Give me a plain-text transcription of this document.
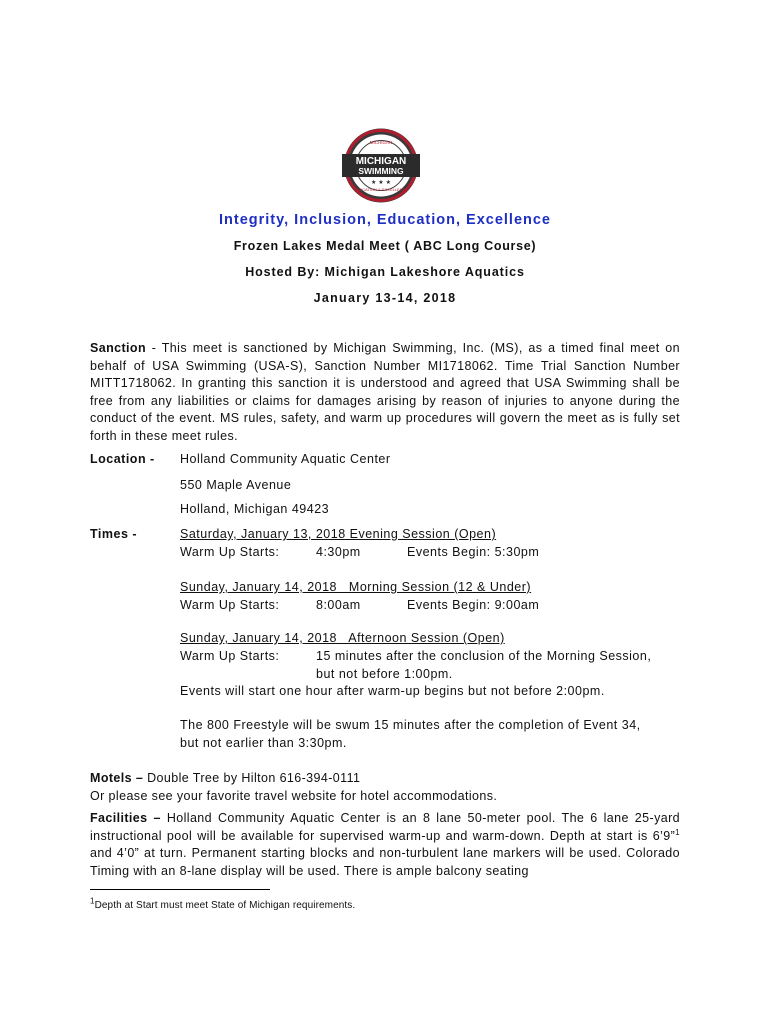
MICHIGAN
SWIMMING
MICHIGAN
EDUCATION & EXCELLENCE
★ ★ ★
Integrity, Inclusion, Education, Excellence
Frozen Lakes Medal Meet ( ABC Long Course)
Hosted By: Michigan Lakeshore Aquatics
January 13-14, 2018
Sanction - This meet is sanctioned by Michigan Swimming, Inc. (MS), as a timed final meet on behalf of USA Swimming (USA-S), Sanction Number MI1718062. Time Trial Sanction Number MITT1718062. In granting this sanction it is understood and agreed that USA Swimming shall be free from any liabilities or claims for damages arising by reason of injuries to anyone during the conduct of the event. MS rules, safety, and warm up procedures will govern the meet as is fully set forth in these meet rules.
Location - Holland Community Aquatic Center
550 Maple Avenue
Holland, Michigan 49423
Times -	Saturday, January 13, 2018 Evening Session (Open)
Warm Up Starts:	4:30pm	Events Begin: 5:30pm
Sunday, January 14, 2018   Morning Session (12 & Under)
Warm Up Starts:	8:00am	Events Begin: 9:00am
Sunday, January 14, 2018   Afternoon Session (Open)
Warm Up Starts:	15 minutes after the conclusion of the Morning Session,
but not before 1:00pm.
Events will start one hour after warm-up begins but not before 2:00pm.
The 800 Freestyle will be swum 15 minutes after the completion of Event 34,
but not earlier than 3:30pm.
Motels – Double Tree by Hilton 616-394-0111
Or please see your favorite travel website for hotel accommodations.
Facilities – Holland Community Aquatic Center is an 8 lane 50-meter pool. The 6 lane 25-yard instructional pool will be available for supervised warm-up and warm-down. Depth at start is 6’9”$^1$ and 4’0” at turn. Permanent starting blocks and non-turbulent lane markers will be used. Colorado Timing with an 8-lane display will be used. There is ample balcony seating
$^1$Depth at Start must meet State of Michigan requirements.
